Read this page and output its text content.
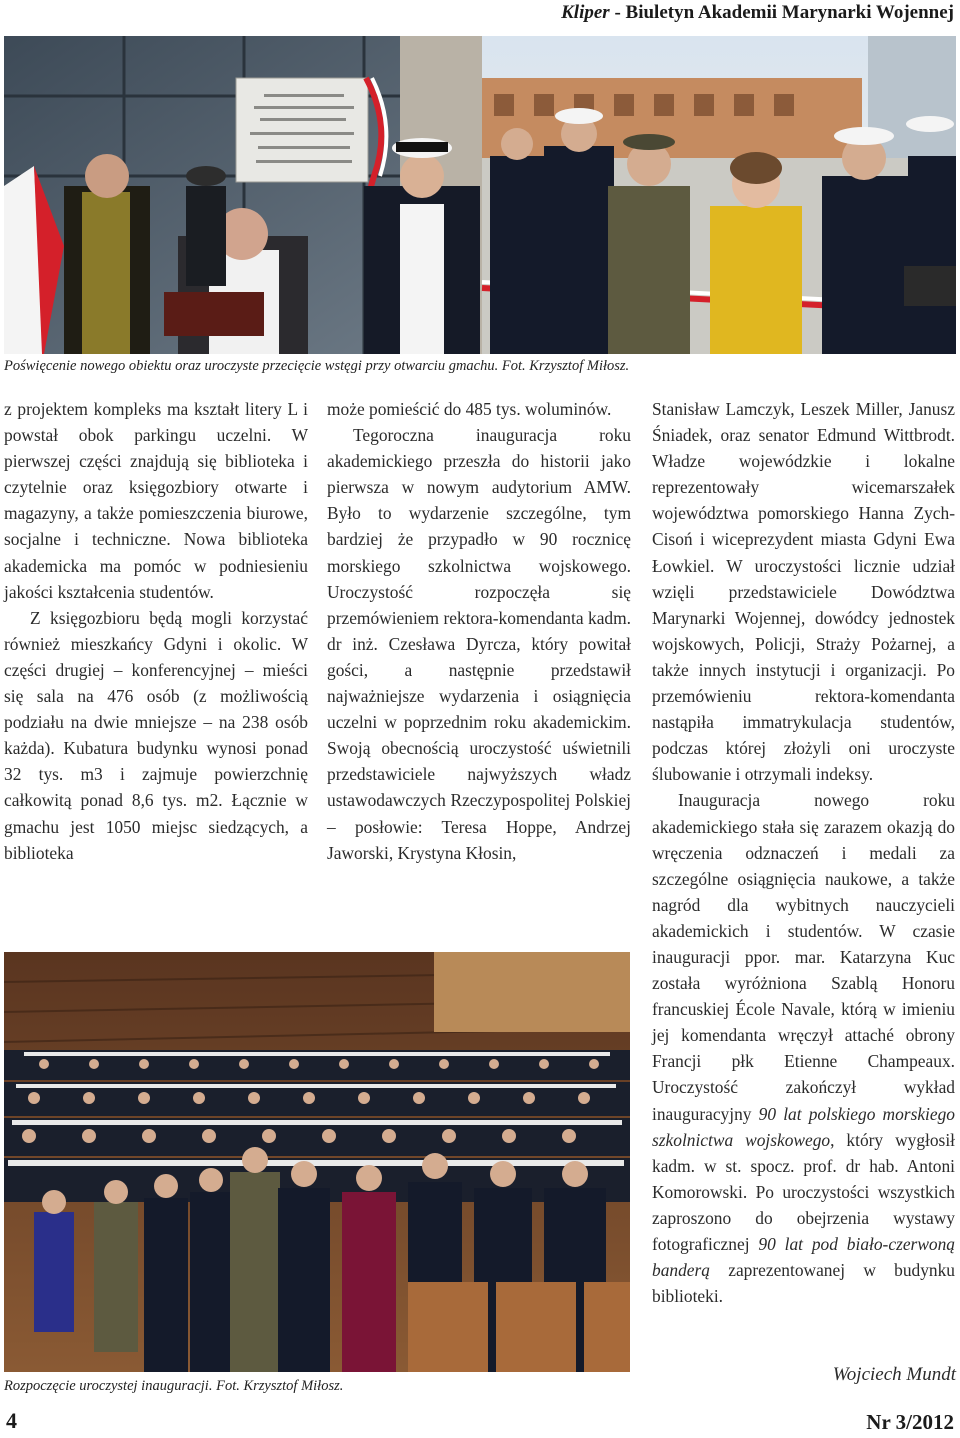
Kliper - Biuletyn Akademii Marynarki Wojennej
Poświęcenie nowego obiektu oraz uroczyste przecięcie wstęgi przy otwarciu gmachu. Fot. Krzysztof Miłosz.

z projektem kompleks ma kształt litery L i powstał obok parkingu uczelni. W pierwszej części znajdują się biblioteka i czytelnie oraz księgozbiory otwarte i magazyny, a także pomieszczenia biurowe, socjalne i techniczne. Nowa biblioteka akademicka ma pomóc w podniesieniu jakości kształcenia studentów.

Z księgozbioru będą mogli korzystać również mieszkańcy Gdyni i okolic. W części drugiej – konferencyjnej – mieści się sala na 476 osób (z możliwością podziału na dwie mniejsze – na 238 osób każda). Kubatura budynku wynosi ponad 32 tys. m3 i zajmuje powierzchnię całkowitą ponad 8,6 tys. m2. Łącznie w gmachu jest 1050 miejsc siedzących, a biblioteka

może pomieścić do 485 tys. woluminów.

Tegoroczna inauguracja roku akademickiego przeszła do historii jako pierwsza w nowym audytorium AMW. Było to wydarzenie szczególne, tym bardziej że przypadło w 90 rocznicę morskiego szkolnictwa wojskowego. Uroczystość rozpoczęła się przemówieniem rektora-komendanta kadm. dr inż. Czesława Dyrcza, który powitał gości, a następnie przedstawił najważniejsze wydarzenia i osiągnięcia uczelni w poprzednim roku akademickim. Swoją obecnością uroczystość uświetnili przedstawiciele najwyższych władz ustawodawczych Rzeczypospolitej Polskiej – posłowie: Teresa Hoppe, Andrzej Jaworski, Krystyna Kłosin,

Stanisław Lamczyk, Leszek Miller, Janusz Śniadek, oraz senator Edmund Wittbrodt. Władze wojewódzkie i lokalne reprezentowały wicemarszałek województwa pomorskiego Hanna Zych-Cisoń i wiceprezydent miasta Gdyni Ewa Łowkiel. W uroczystości licznie udział wzięli przedstawiciele Dowództwa Marynarki Wojennej, dowódcy jednostek wojskowych, Policji, Straży Pożarnej, a także innych instytucji i organizacji. Po przemówieniu rektora-komendanta nastąpiła immatrykulacja studentów, podczas której złożyli oni uroczyste ślubowanie i otrzymali indeksy.

Inauguracja nowego roku akademickiego stała się zarazem okazją do wręczenia odznaczeń i medali za szczególne osiągnięcia naukowe, a także nagród dla wybitnych nauczycieli akademickich i studentów. W czasie inauguracji ppor. mar. Katarzyna Kuc została wyróżniona Szablą Honoru francuskiej École Navale, którą w imieniu jej komendanta wręczył attaché obrony Francji płk Etienne Champeaux. Uroczystość zakończył wykład inauguracyjny 90 lat polskiego morskiego szkolnictwa wojskowego, który wygłosił kadm. w st. spocz. prof. dr hab. Antoni Komorowski. Po uroczystości wszystkich zaproszono do obejrzenia wystawy fotograficznej 90 lat pod biało-czerwoną banderą zaprezentowanej w budynku biblioteki.

Wojciech Mundt
Rozpoczęcie uroczystej inauguracji. Fot. Krzysztof Miłosz.
4	Nr 3/2012
